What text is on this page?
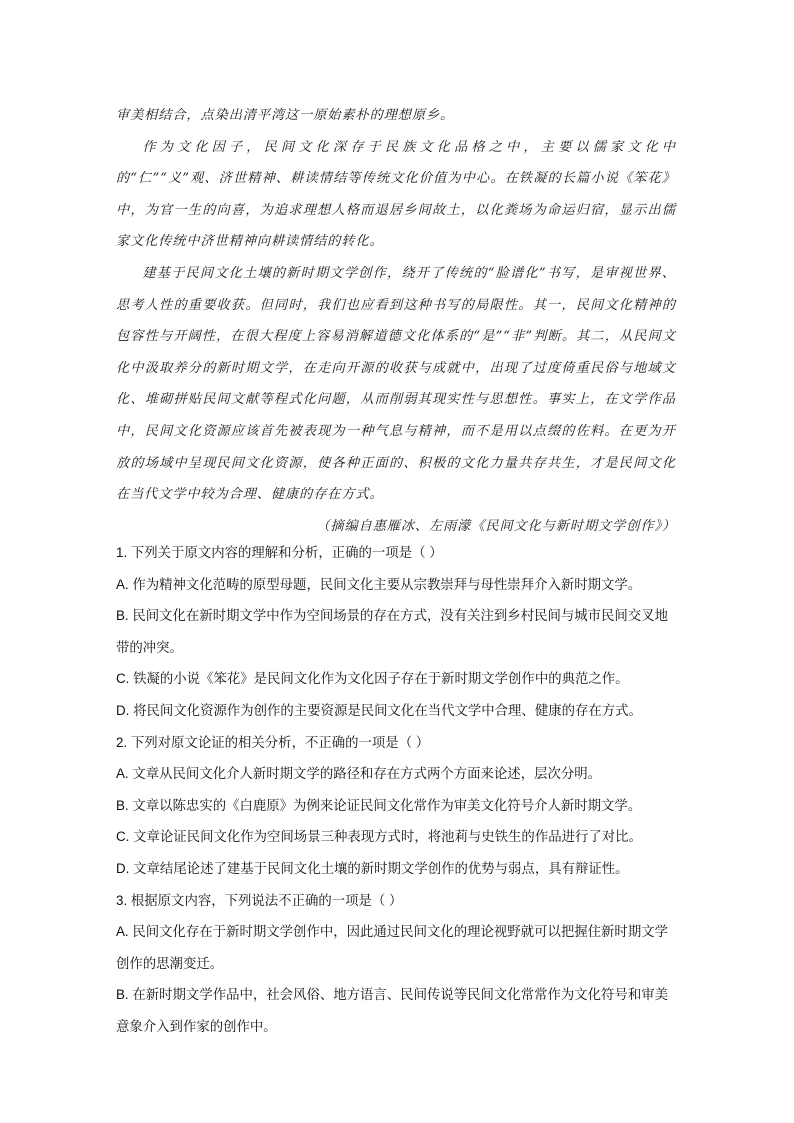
审美相结合，点染出清平湾这一原始素朴的理想原乡。

作为文化因子，民间文化深存于民族文化品格之中，主要以儒家文化中的“仁”“义”观、济世精神、耕读情结等传统文化价值为中心。在铁凝的长篇小说《笨花》中，为官一生的向喜，为追求理想人格而退居乡间故土，以化粪场为命运归宿，显示出儒家文化传统中济世精神向耕读情结的转化。

建基于民间文化土壤的新时期文学创作，绕开了传统的“脸谱化”书写，是审视世界、思考人性的重要收获。但同时，我们也应看到这种书写的局限性。其一，民间文化精神的包容性与开阔性，在很大程度上容易消解道德文化体系的“是”“非”判断。其二，从民间文化中汲取养分的新时期文学，在走向开源的收获与成就中，出现了过度倚重民俗与地域文化、堆砌拼贴民间文献等程式化问题，从而削弱其现实性与思想性。事实上，在文学作品中，民间文化资源应该首先被表现为一种气息与精神，而不是用以点缀的佐料。在更为开放的场域中呈现民间文化资源，使各种正面的、积极的文化力量共存共生，才是民间文化在当代文学中较为合理、健康的存在方式。

（摘编自惠雁冰、左雨濛《民间文化与新时期文学创作》）

1. 下列关于原文内容的理解和分析，正确的一项是（ ）

A. 作为精神文化范畴的原型母题，民间文化主要从宗教崇拜与母性崇拜介入新时期文学。

B. 民间文化在新时期文学中作为空间场景的存在方式，没有关注到乡村民间与城市民间交叉地带的冲突。

C. 铁凝的小说《笨花》是民间文化作为文化因子存在于新时期文学创作中的典范之作。

D. 将民间文化资源作为创作的主要资源是民间文化在当代文学中合理、健康的存在方式。

2. 下列对原文论证的相关分析，不正确的一项是（ ）

A. 文章从民间文化介人新时期文学的路径和存在方式两个方面来论述，层次分明。

B. 文章以陈忠实的《白鹿原》为例来论证民间文化常作为审美文化符号介人新时期文学。

C. 文章论证民间文化作为空间场景三种表现方式时，将池莉与史铁生的作品进行了对比。

D. 文章结尾论述了建基于民间文化土壤的新时期文学创作的优势与弱点，具有辩证性。

3. 根据原文内容，下列说法不正确的一项是（ ）

A. 民间文化存在于新时期文学创作中，因此通过民间文化的理论视野就可以把握住新时期文学创作的思潮变迁。

B. 在新时期文学作品中，社会风俗、地方语言、民间传说等民间文化常常作为文化符号和审美意象介入到作家的创作中。
